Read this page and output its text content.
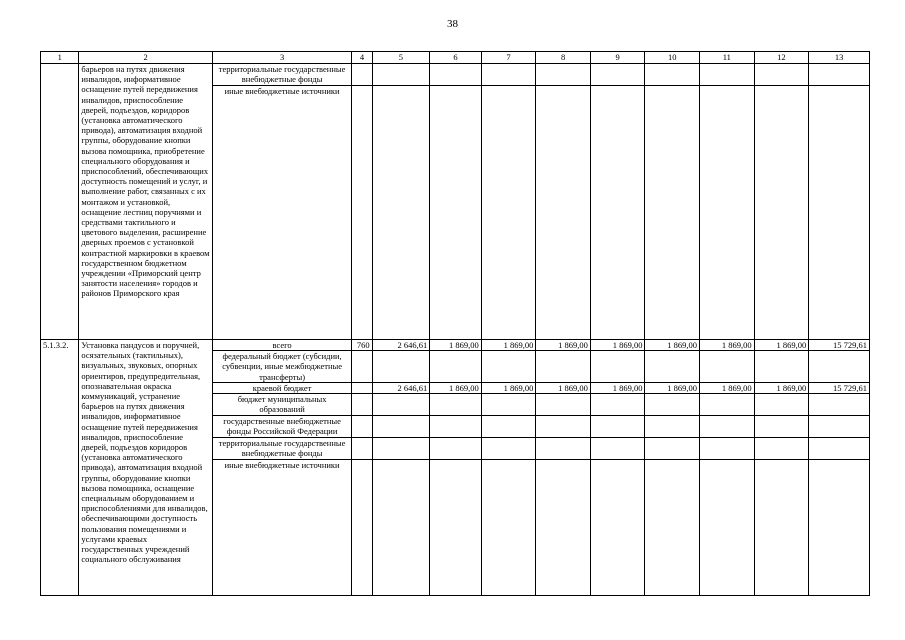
38
1	2	3	4	5	6	7	8	9	10	11	12	13
	барьеров на путях движения инвалидов, информативное оснащение путей передвижения инвалидов, приспособление дверей, подъездов, коридоров (установка автоматического привода), автоматизация входной группы, оборудование кнопки вызова помощника, приобретение специального оборудования и приспособлений, обеспечивающих доступность помещений и услуг, и выполнение работ, связанных с их монтажом и установкой, оснащение лестниц поручнями и средствами тактильного и цветового выделения, расширение дверных проемов с установкой контрастной маркировки в краевом государственном бюджетном учреждении «Приморский центр занятости населения» городов и районов Приморского края	территориальные государственные внебюджетные фонды										
		иные внебюджетные источники										
5.1.3.2.	Установка пандусов и поручней, осязательных (тактильных), визуальных, звуковых, опорных ориентиров, предупредительная, опознавательная окраска коммуникаций, устранение барьеров на путях движения инвалидов, информативное оснащение путей передвижения инвалидов, приспособление дверей, подъездов коридоров (установка автоматического привода), автоматизация входной группы, оборудование кнопки вызова помощника, оснащение специальным оборудованием и приспособлениями для инвалидов, обеспечивающими доступность пользования помещениями и услугами краевых государственных учреждений социального обслуживания	всего	760	2 646,61	1 869,00	1 869,00	1 869,00	1 869,00	1 869,00	1 869,00	1 869,00	15 729,61
		федеральный бюджет (субсидии, субвенции, иные межбюджетные трансферты)										
		краевой бюджет		2 646,61	1 869,00	1 869,00	1 869,00	1 869,00	1 869,00	1 869,00	1 869,00	15 729,61
		бюджет муниципальных образований										
		государственные внебюджетные фонды Российской Федерации										
		территориальные государственные внебюджетные фонды										
		иные внебюджетные источники										
